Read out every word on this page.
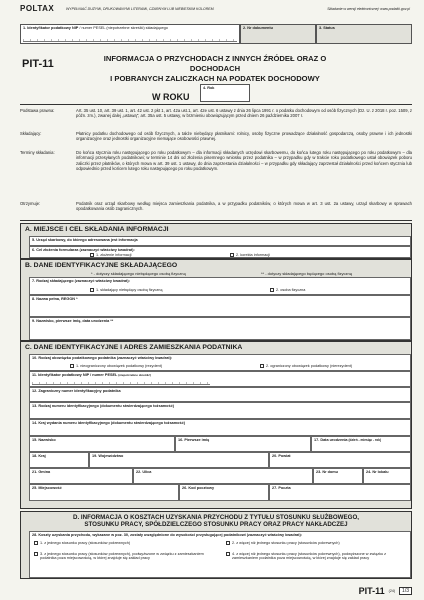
POLTAX	WYPEŁNIAĆ DUŻYMI, DRUKOWANYMI LITERAMI, CZARNYM LUB NIEBIESKIM KOLOREM.	Składanie w wersji elektronicznej: www.podatki.gov.pl
1. Identyfikator podatkowy NIP / numer PESEL (niepotrzebne skreślić) składającego	2. Nr dokumentu	3. Status
PIT-11	INFORMACJA O PRZYCHODACH Z INNYCH ŹRÓDEŁ ORAZ O DOCHODACH
I POBRANYCH ZALICZKACH NA PODATEK DOCHODOWY
W ROKU
4. Rok
Podstawa prawna:	Art. 35 ust. 10, art. 39 ust. 1, art. 42 ust. 2 pkt 1, art. 42a ust.1, art. 42e ust. 6 ustawy z dnia 26 lipca 1991 r. o podatku dochodowym od osób fizycznych (Dz. U. z 2018 r. poz. 1509, z późn. zm.), zwanej dalej „ustawą”; art. 35a ust. 5 ustawy, w brzmieniu obowiązującym przed dniem 26 października 2007 r.
Składający:	Płatnicy podatku dochodowego od osób fizycznych, a także niebędący płatnikami: rolnicy, osoby fizyczne prowadzące działalność gospodarczą, osoby prawne i ich jednostki organizacyjne oraz jednostki organizacyjne niemające osobowości prawnej.
Terminy składania:	Do końca stycznia roku następującego po roku podatkowym – dla informacji składanych urzędowi skarbowemu, do końca lutego roku następującego po roku podatkowym – dla informacji przesyłanych podatnikowi; w terminie 14 dni od złożenia pisemnego wniosku przez podatnika – w przypadku gdy w trakcie roku podatkowego ustał obowiązek poboru zaliczki przez płatników, o których mowa w art. 39 ust. 1 ustawy, do dnia zaprzestania działalności – w przypadku gdy składający zaprzestał działalności przed końcem stycznia lub odpowiednio przed końcem lutego roku następującego po roku podatkowym.
Otrzymuje:	Podatnik oraz urząd skarbowy według miejsca zamieszkania podatnika, a w przypadku podatników, o których mowa w art. 3 ust. 2a ustawy, urząd skarbowy w sprawach opodatkowania osób zagranicznych.
A. MIEJSCE I CEL SKŁADANIA INFORMACJI
5. Urząd skarbowy, do którego adresowana jest informacja
6. Cel złożenia formularza (zaznaczyć właściwy kwadrat):
1. złożenie informacji	2. korekta informacji
B. DANE IDENTYFIKACYJNE SKŁADAJĄCEGO
* - dotyczy składającego niebędącego osobą fizyczną	** - dotyczy składającego będącego osobą fizyczną
7. Rodzaj składającego (zaznaczyć właściwy kwadrat):
1. składający niebędący osobą fizyczną	2. osoba fizyczna
8. Nazwa pełna, REGON *
9. Nazwisko, pierwsze imię, data urodzenia **
C. DANE IDENTYFIKACYJNE I ADRES ZAMIESZKANIA PODATNIKA
10. Rodzaj obowiązku podatkowego podatnika (zaznaczyć właściwy kwadrat):
1. nieograniczony obowiązek podatkowy (rezydent)	2. ograniczony obowiązek podatkowy (nierezydent)
11. Identyfikator podatkowy NIP / numer PESEL (niepotrzebne skreślić)
12. Zagraniczny numer identyfikacyjny podatnika
13. Rodzaj numeru identyfikacyjnego (dokumentu stwierdzającego tożsamość)
14. Kraj wydania numeru identyfikacyjnego (dokumentu stwierdzającego tożsamość)
15. Nazwisko	16. Pierwsze imię	17. Data urodzenia (dzień - miesiąc - rok)
18. Kraj	19. Województwo	20. Powiat
21. Gmina	22. Ulica	23. Nr domu	24. Nr lokalu
25. Miejscowość	26. Kod pocztowy	27. Poczta
D. INFORMACJA O KOSZTACH UZYSKANIA PRZYCHODU Z TYTUŁU STOSUNKU SŁUŻBOWEGO,
STOSUNKU PRACY, SPÓŁDZIELCZEGO STOSUNKU PRACY ORAZ PRACY NAKŁADCZEJ
28. Koszty uzyskania przychodu, wykazane w poz. 30, zostały uwzględnione do wysokości przysługującej podatnikowi (zaznaczyć właściwy kwadrat):
1. z jednego stosunku pracy (stosunków pokrewnych)	2. z więcej niż jednego stosunku pracy (stosunków pokrewnych)
3. z jednego stosunku pracy (stosunków pokrewnych), podwyższone w związku z zamieszkaniem podatnika poza miejscowością, w której znajduje się zakład pracy
4. z więcej niż jednego stosunku pracy (stosunków pokrewnych), podwyższone w związku z zamieszkaniem podatnika poza miejscowością, w której znajduje się zakład pracy
PIT-11 (24)	1/3
